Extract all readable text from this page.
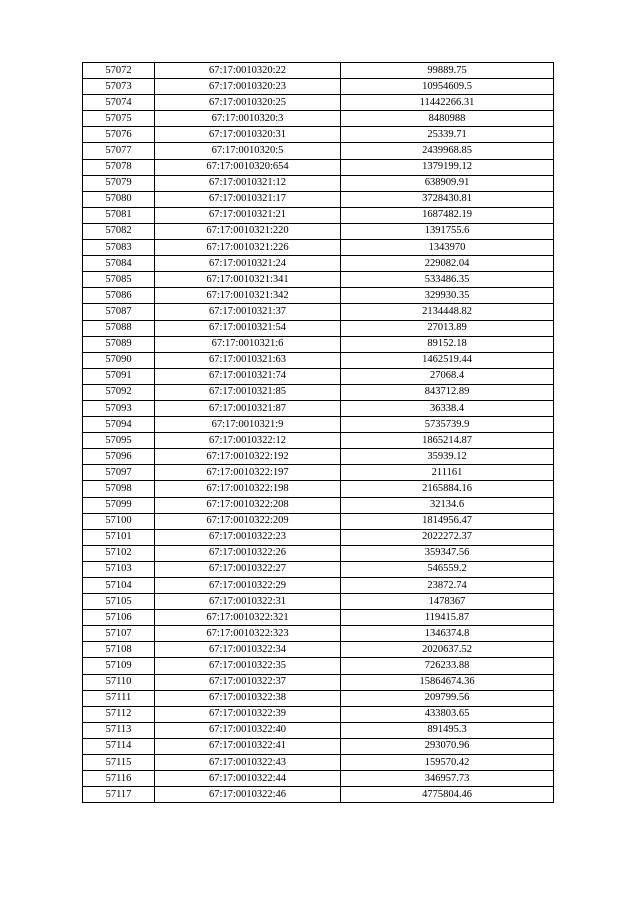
57072	67:17:0010320:22	99889.75
57073	67:17:0010320:23	10954609.5
57074	67:17:0010320:25	11442266.31
57075	67:17:0010320:3	8480988
57076	67:17:0010320:31	25339.71
57077	67:17:0010320:5	2439968.85
57078	67:17:0010320:654	1379199.12
57079	67:17:0010321:12	638909.91
57080	67:17:0010321:17	3728430.81
57081	67:17:0010321:21	1687482.19
57082	67:17:0010321:220	1391755.6
57083	67:17:0010321:226	1343970
57084	67:17:0010321:24	229082.04
57085	67:17:0010321:341	533486.35
57086	67:17:0010321:342	329930.35
57087	67:17:0010321:37	2134448.82
57088	67:17:0010321:54	27013.89
57089	67:17:0010321:6	89152.18
57090	67:17:0010321:63	1462519.44
57091	67:17:0010321:74	27068.4
57092	67:17:0010321:85	843712.89
57093	67:17:0010321:87	36338.4
57094	67:17:0010321:9	5735739.9
57095	67:17:0010322:12	1865214.87
57096	67:17:0010322:192	35939.12
57097	67:17:0010322:197	211161
57098	67:17:0010322:198	2165884.16
57099	67:17:0010322:208	32134.6
57100	67:17:0010322:209	1814956.47
57101	67:17:0010322:23	2022272.37
57102	67:17:0010322:26	359347.56
57103	67:17:0010322:27	546559.2
57104	67:17:0010322:29	23872.74
57105	67:17:0010322:31	1478367
57106	67:17:0010322:321	119415.87
57107	67:17:0010322:323	1346374.8
57108	67:17:0010322:34	2020637.52
57109	67:17:0010322:35	726233.88
57110	67:17:0010322:37	15864674.36
57111	67:17:0010322:38	209799.56
57112	67:17:0010322:39	433803.65
57113	67:17:0010322:40	891495.3
57114	67:17:0010322:41	293070.96
57115	67:17:0010322:43	159570.42
57116	67:17:0010322:44	346957.73
57117	67:17:0010322:46	4775804.46
